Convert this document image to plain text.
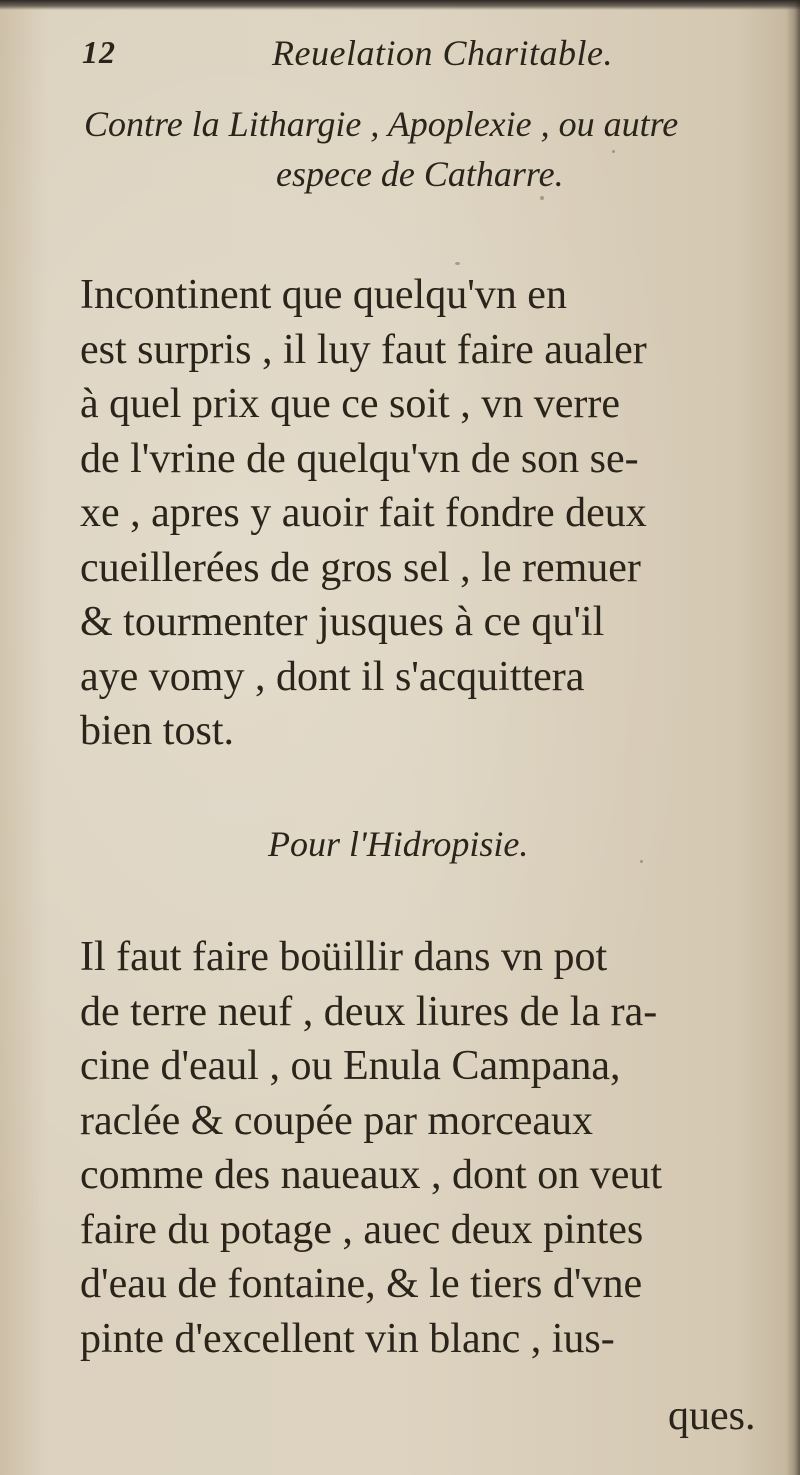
12	Reuelation Charitable.
Contre la Lithargie , Apoplexie , ou autre
espece de Catharre.
Incontinent que quelqu'vn en
est surpris , il luy faut faire aualer
à quel prix que ce soit , vn verre
de l'vrine de quelqu'vn de son se-
xe , apres y auoir fait fondre deux
cueillerées de gros sel , le remuer
& tourmenter jusques à ce qu'il
aye vomy , dont il s'acquittera
bien tost.
Pour l'Hidropisie.
Il faut faire boüillir dans vn pot
de terre neuf , deux liures de la ra-
cine d'eaul , ou Enula Campana,
raclée & coupée par morceaux
comme des naueaux , dont on veut
faire du potage , auec deux pintes
d'eau de fontaine, & le tiers d'vne
pinte d'excellent vin blanc , ius-
ques.
